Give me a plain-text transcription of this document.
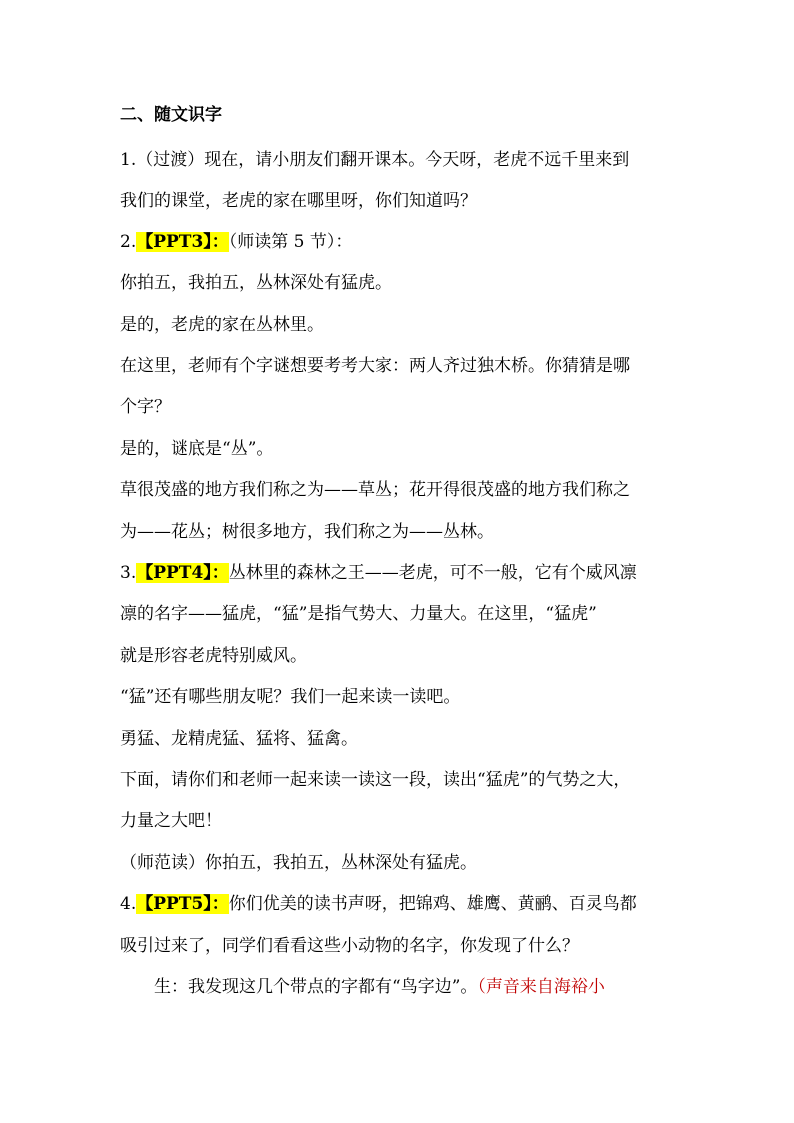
二、随文识字
1.（过渡）现在，请小朋友们翻开课本。今天呀，老虎不远千里来到
我们的课堂，老虎的家在哪里呀，你们知道吗？
2.【PPT3】：（师读第 5 节）：
你拍五，我拍五，丛林深处有猛虎。
是的，老虎的家在丛林里。
在这里，老师有个字谜想要考考大家：两人齐过独木桥。你猜猜是哪
个字？
是的，谜底是“丛”。
草很茂盛的地方我们称之为——草丛；花开得很茂盛的地方我们称之
为——花丛；树很多地方，我们称之为——丛林。
3.【PPT4】：丛林里的森林之王——老虎，可不一般，它有个威风凛
凛的名字——猛虎，“猛”是指气势大、力量大。在这里，“猛虎”
就是形容老虎特别威风。
“猛”还有哪些朋友呢？我们一起来读一读吧。
勇猛、龙精虎猛、猛将、猛禽。
下面，请你们和老师一起来读一读这一段，读出“猛虎”的气势之大，
力量之大吧！
（师范读）你拍五，我拍五，丛林深处有猛虎。
4.【PPT5】：你们优美的读书声呀，把锦鸡、雄鹰、黄鹂、百灵鸟都
吸引过来了，同学们看看这些小动物的名字，你发现了什么？
生：我发现这几个带点的字都有“鸟字边”。（声音来自海裕小
